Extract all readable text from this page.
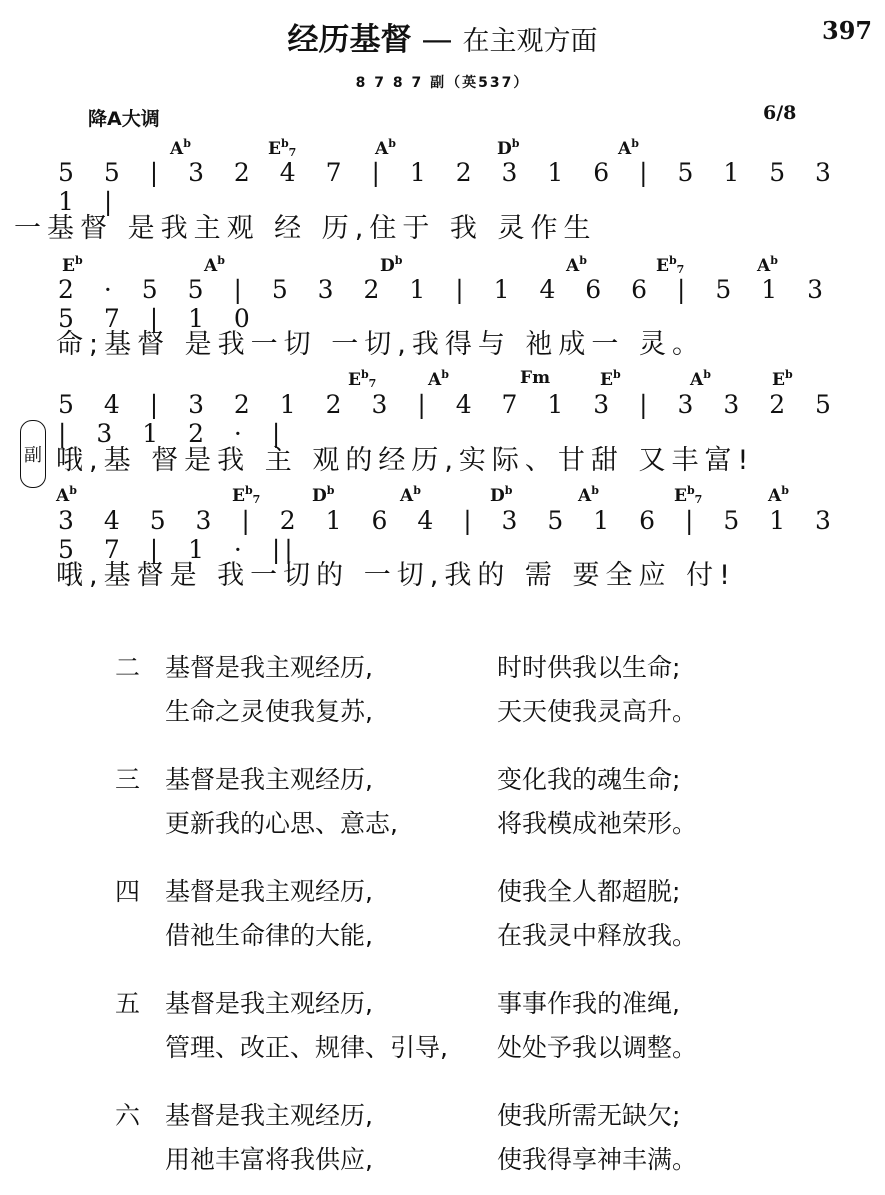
经历基督 — 在主观方面	397
8 7 8 7 副（英537）
降A大调	6/8
$A^b$	$E^b_7$	$A^b$	$D^b$	$A^b$
5 5 | 3 2 4 7 | 1 2 3 1 6 | 5 1 5 3 1 |
一基督 是我主观 经 历,住于 我 灵作生
$E^b$	$A^b$	$D^b$	$A^b$	$E^b_7$	$A^b$
2 · 5 5 | 5 3 2 1 | 1 4 6 6 | 5 1 3 5 7 | 1 0
命;基督 是我一切 一切,我得与 祂成一 灵。
$E^b_7$	$A^b$	Fm	$E^b$	$A^b$	$E^b$
5 4 | 3 2 1 2 3 | 4 7 1 3 | 3 3 2 5 | 3 1 2 · |
副 哦,基 督是我 主 观的经历,实际、甘甜 又丰富!
$A^b$	$E^b_7$	$D^b$	$A^b$	$D^b$	$A^b$	$E^b_7$	$A^b$
3 4 5 3 | 2 1 6 4 | 3 5 1 6 | 5 1 3 5 7 | 1 · ||
哦,基督是 我一切的 一切,我的 需 要全应 付!
二 基督是我主观经历,	时时供我以生命;
生命之灵使我复苏,	天天使我灵高升。
三 基督是我主观经历,	变化我的魂生命;
更新我的心思、意志,	将我模成祂荣形。
四 基督是我主观经历,	使我全人都超脱;
借祂生命律的大能,	在我灵中释放我。
五 基督是我主观经历,	事事作我的准绳,
管理、改正、规律、引导,	处处予我以调整。
六 基督是我主观经历,	使我所需无缺欠;
用祂丰富将我供应,	使我得享神丰满。
